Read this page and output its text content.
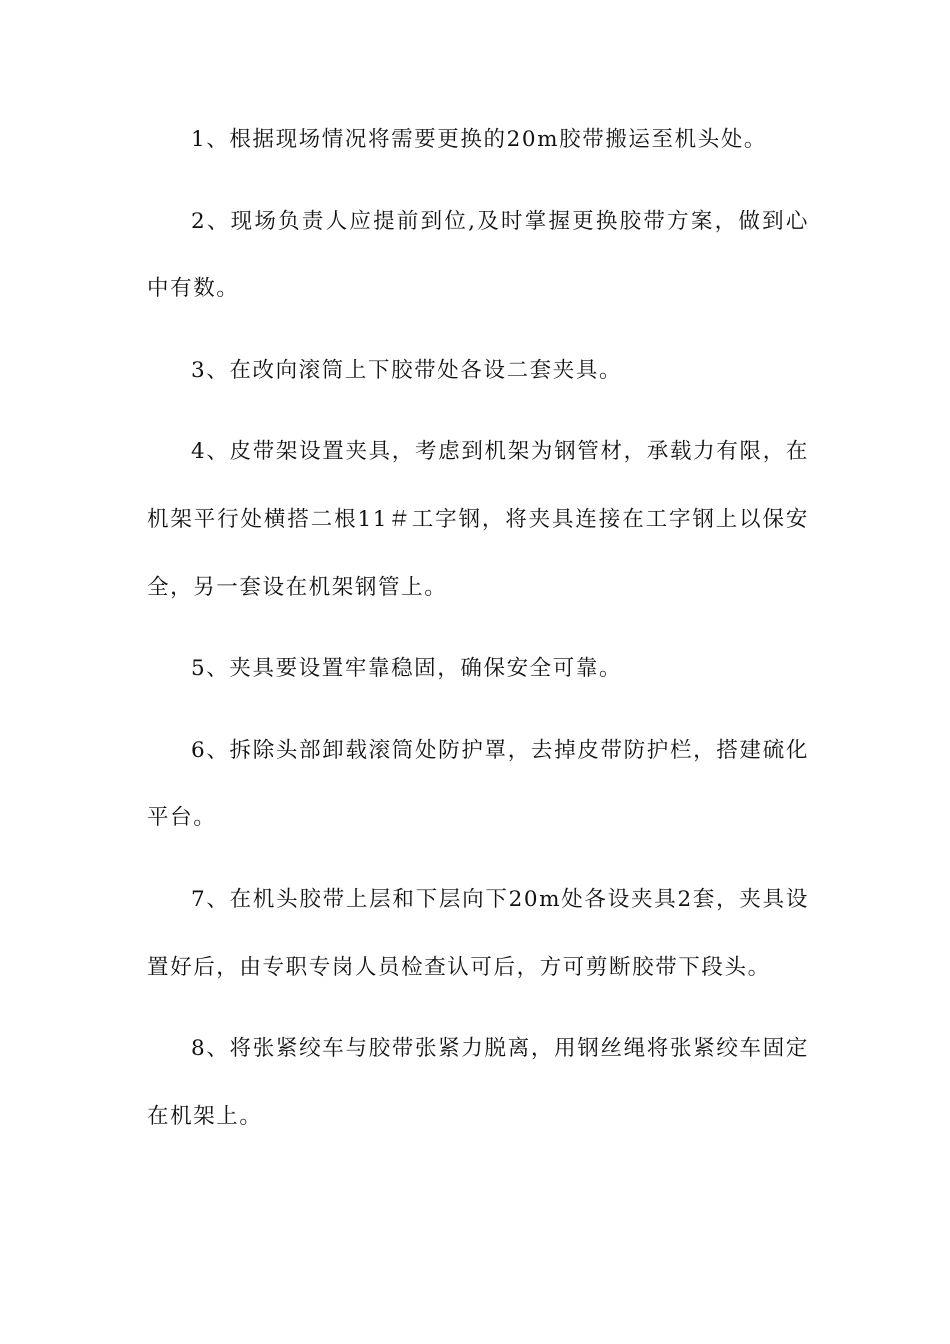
1、根据现场情况将需要更换的20m胶带搬运至机头处。

2、现场负责人应提前到位,及时掌握更换胶带方案，做到心中有数。

3、在改向滚筒上下胶带处各设二套夹具。

4、皮带架设置夹具，考虑到机架为钢管材，承载力有限，在机架平行处横搭二根11＃工字钢，将夹具连接在工字钢上以保安全，另一套设在机架钢管上。

5、夹具要设置牢靠稳固，确保安全可靠。

6、拆除头部卸载滚筒处防护罩，去掉皮带防护栏，搭建硫化平台。

7、在机头胶带上层和下层向下20m处各设夹具2套，夹具设置好后，由专职专岗人员检查认可后，方可剪断胶带下段头。

8、将张紧绞车与胶带张紧力脱离，用钢丝绳将张紧绞车固定在机架上。
